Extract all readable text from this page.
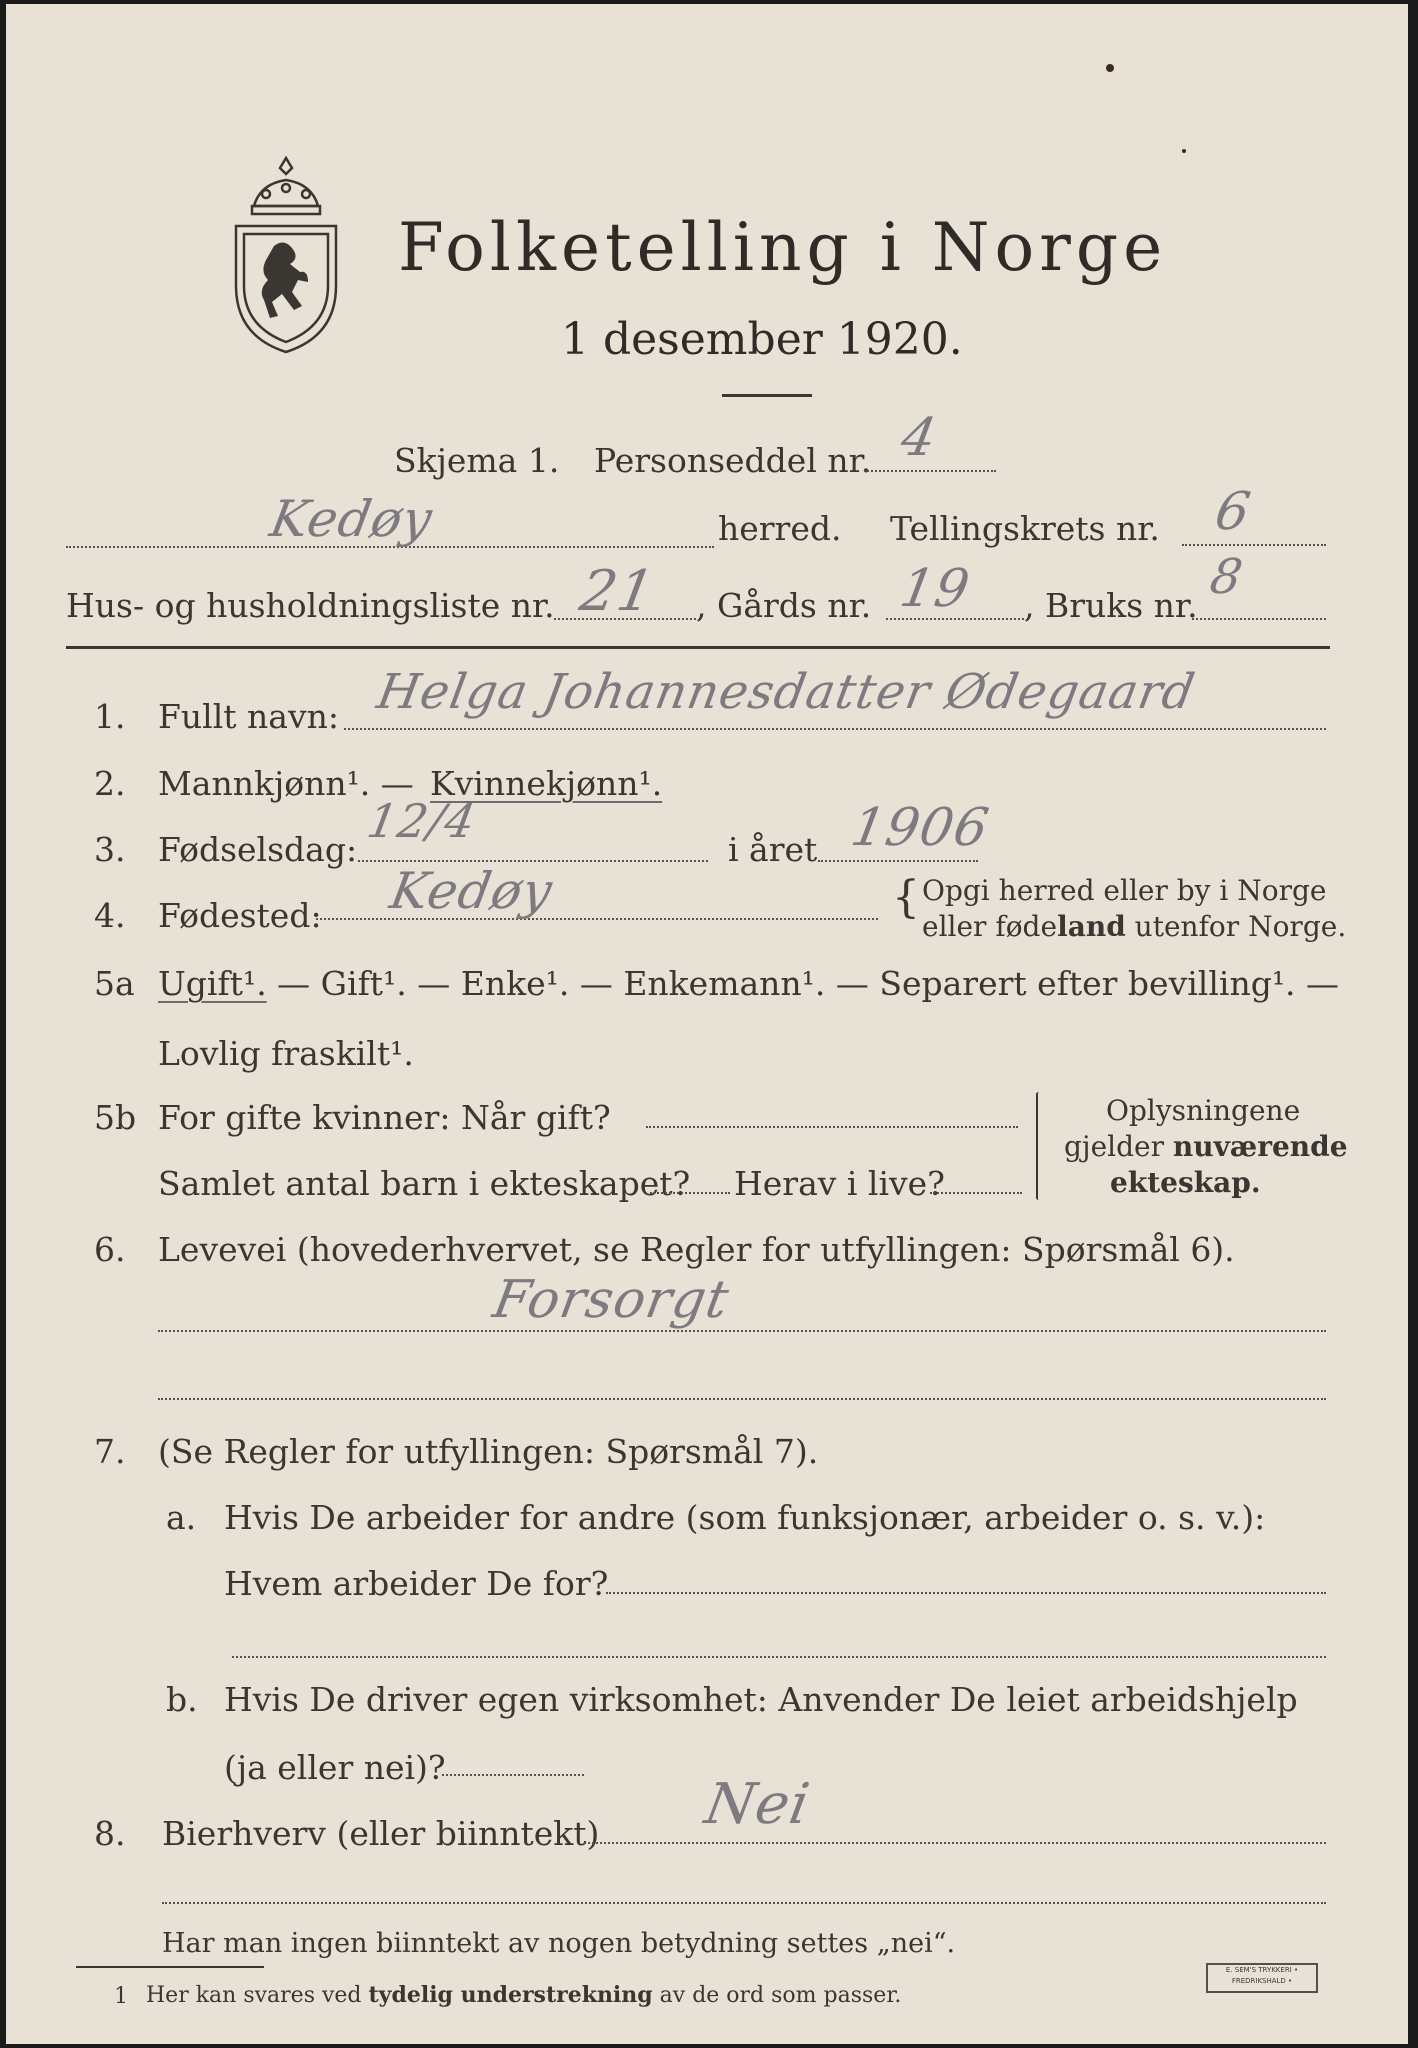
Folketelling i Norge
1 desember 1920.
Skjema 1. Personseddel nr. 4
Kedøy	herred. Tellingskrets nr. 6
Hus- og husholdningsliste nr. 21 , Gårds nr. 19 , Bruks nr.
8
1. Fullt navn: Helga Johannesdatter Ødegaard
2. Mannkjønn¹. — Kvinnekjønn¹.
3. Fødselsdag:
12/4
i året 1906
4. Fødested: Kedøy	{ Opgi herred eller by i Norge
eller fødeland utenfor Norge.
5a Ugift¹. — Gift¹. — Enke¹. — Enkemann¹. — Separert efter bevilling¹. —
Lovlig fraskilt¹.
5b For gifte kvinner: Når gift?
Samlet antal barn i ekteskapet? Herav i live?
Oplysningene
gjelder nuværende
ekteskap.
6. Levevei (hovederhvervet, se Regler for utfyllingen: Spørsmål 6).
Forsorgt
7. (Se Regler for utfyllingen: Spørsmål 7).
a. Hvis De arbeider for andre (som funksjonær, arbeider o. s. v.):
Hvem arbeider De for?
b. Hvis De driver egen virksomhet: Anvender De leiet arbeidshjelp
(ja eller nei)?
8. Bierhverv (eller biinntekt) Nei
Har man ingen biinntekt av nogen betydning settes „nei“.
1 Her kan svares ved tydelig understrekning av de ord som passer.
E. SEM'S TRYKKERI • FREDRIKSHALD •
